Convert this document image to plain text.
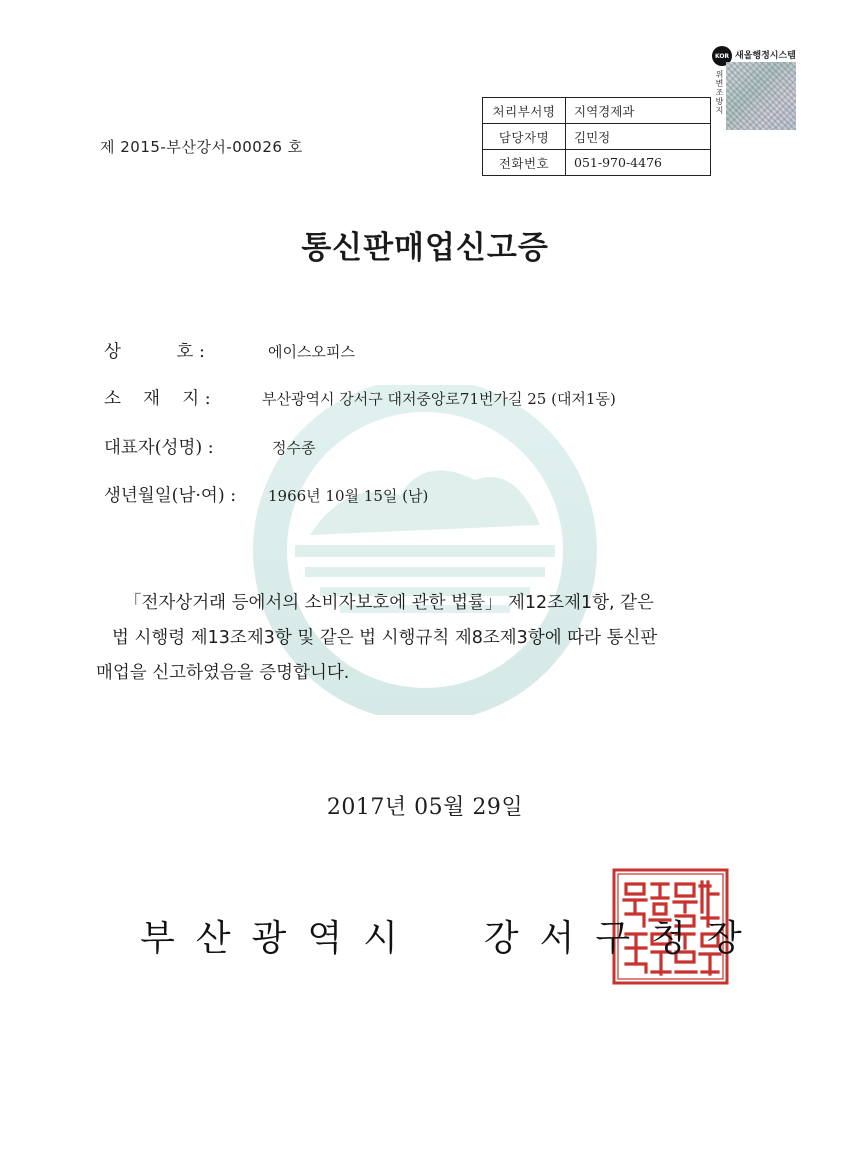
제 2015-부산강서-00026 호
처리부서명	지역경제과
담당자명	김민정
전화번호	051-970-4476
KOR 새올행정시스템
위변조방지
통신판매업신고증
상          호 :	에이스오피스
소    재    지 :	부산광역시 강서구 대저중앙로71번가길 25 (대저1동)
대표자(성명) :	정수종
생년월일(남·여) : 1966년 10월 15일 (남)
「전자상거래 등에서의 소비자보호에 관한 법률」 제12조제1항, 같은
법 시행령 제13조제3항 및 같은 법 시행규칙 제8조제3항에 따라 통신판
매업을 신고하였음을 증명합니다.
2017년 05월 29일
부산광역시  강서구청장
